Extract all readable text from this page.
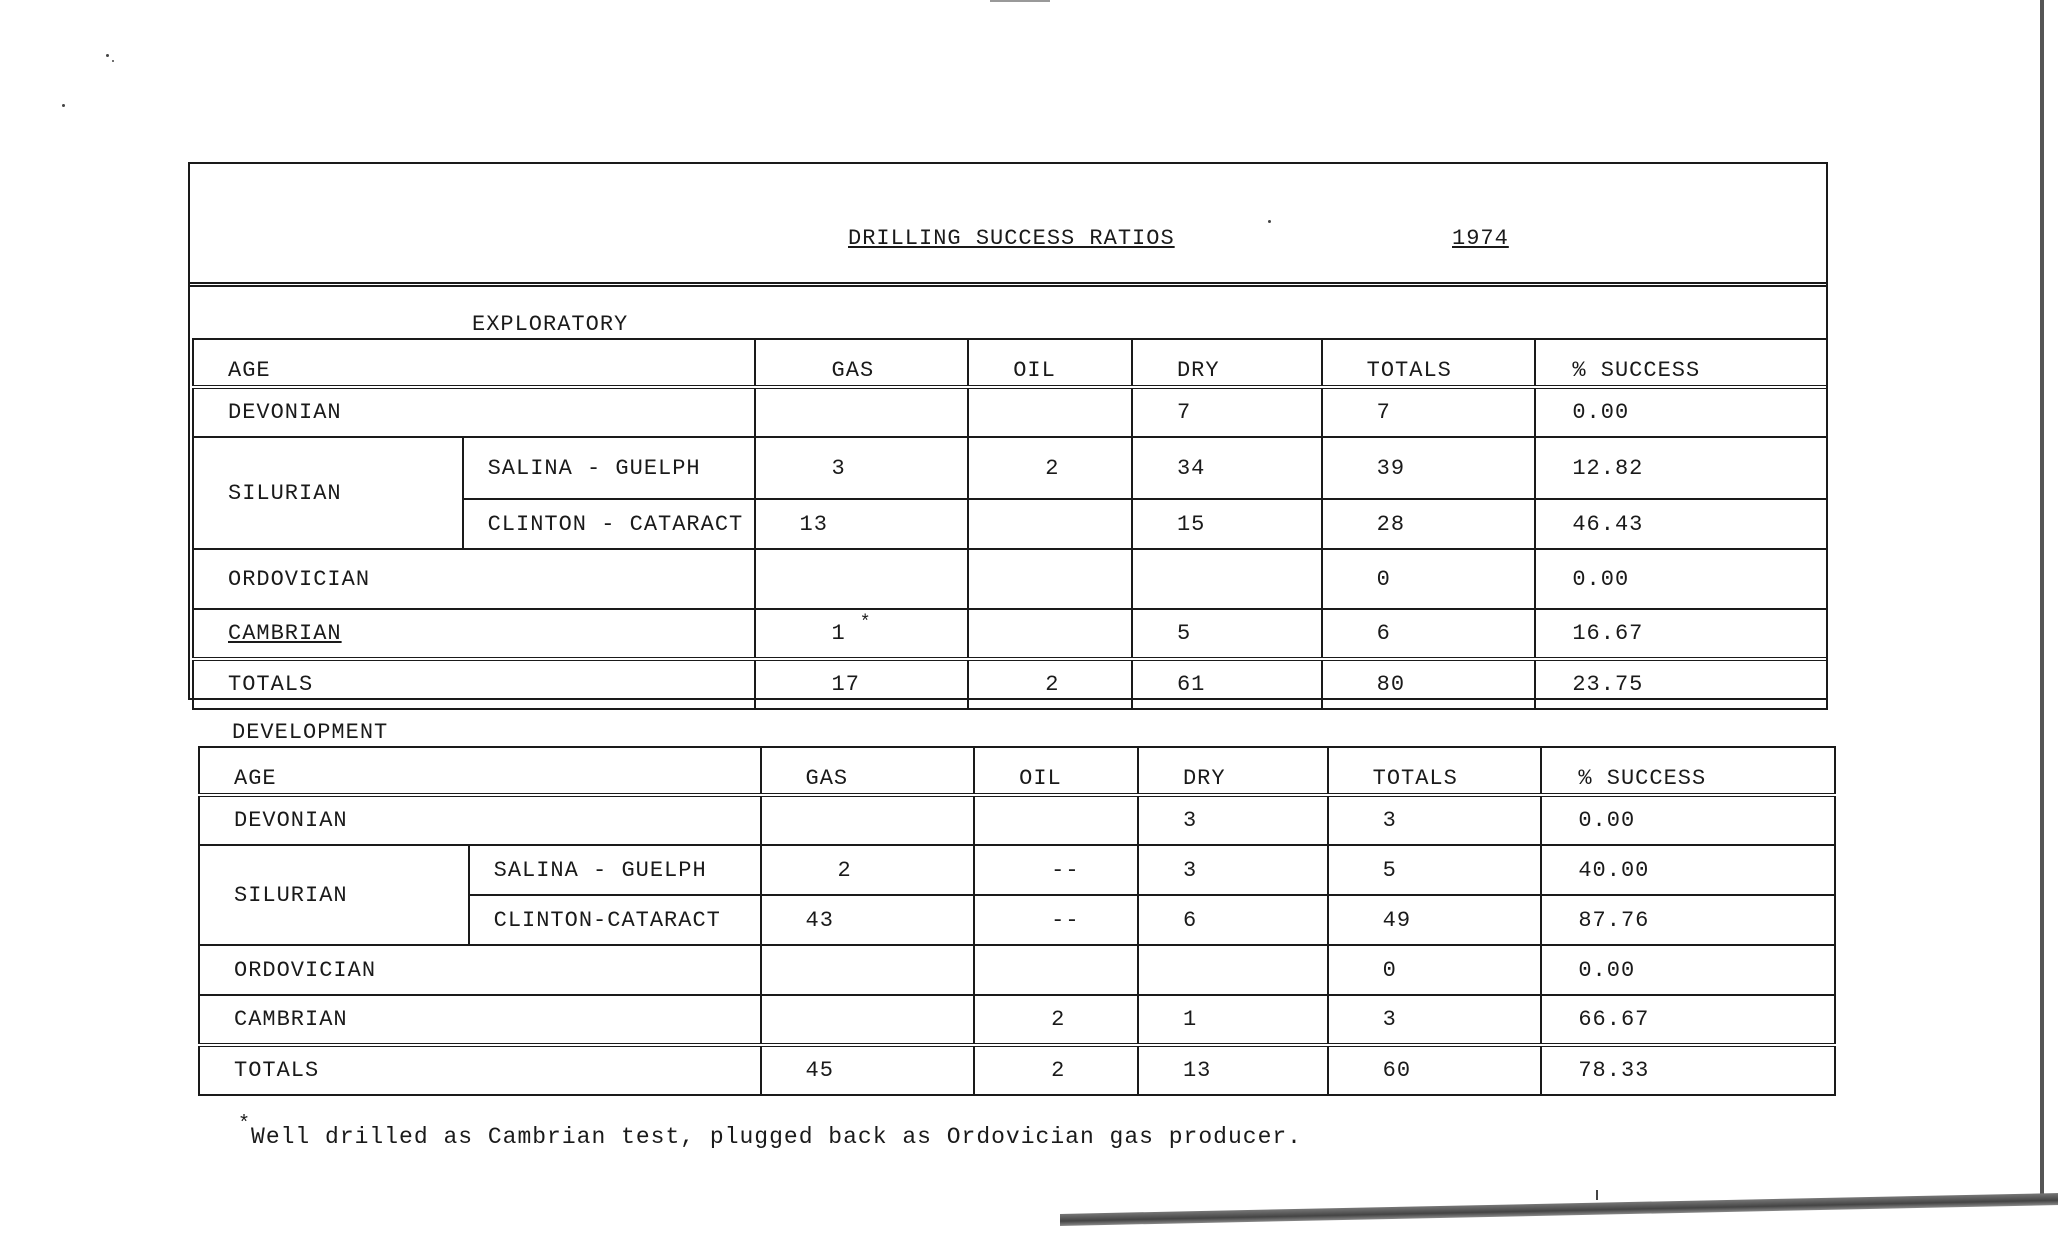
DRILLING SUCCESS RATIOS	1974
EXPLORATORY
AGE		GAS	OIL	DRY	TOTALS	% SUCCESS
DEVONIAN				7	7	0.00
SILURIAN	SALINA - GUELPH	3	2	34	39	12.82
	CLINTON - CATARACT	13		15	28	46.43
ORDOVICIAN					0	0.00
CAMBRIAN		1 *		5	6	16.67
TOTALS		17	2	61	80	23.75
DEVELOPMENT
AGE		GAS	OIL	DRY	TOTALS	% SUCCESS
DEVONIAN				3	3	0.00
SILURIAN	SALINA - GUELPH	2	--	3	5	40.00
	CLINTON-CATARACT	43	--	6	49	87.76
ORDOVICIAN					0	0.00
CAMBRIAN			2	1	3	66.67
TOTALS		45	2	13	60	78.33
*Well drilled as Cambrian test, plugged back as Ordovician gas producer.
